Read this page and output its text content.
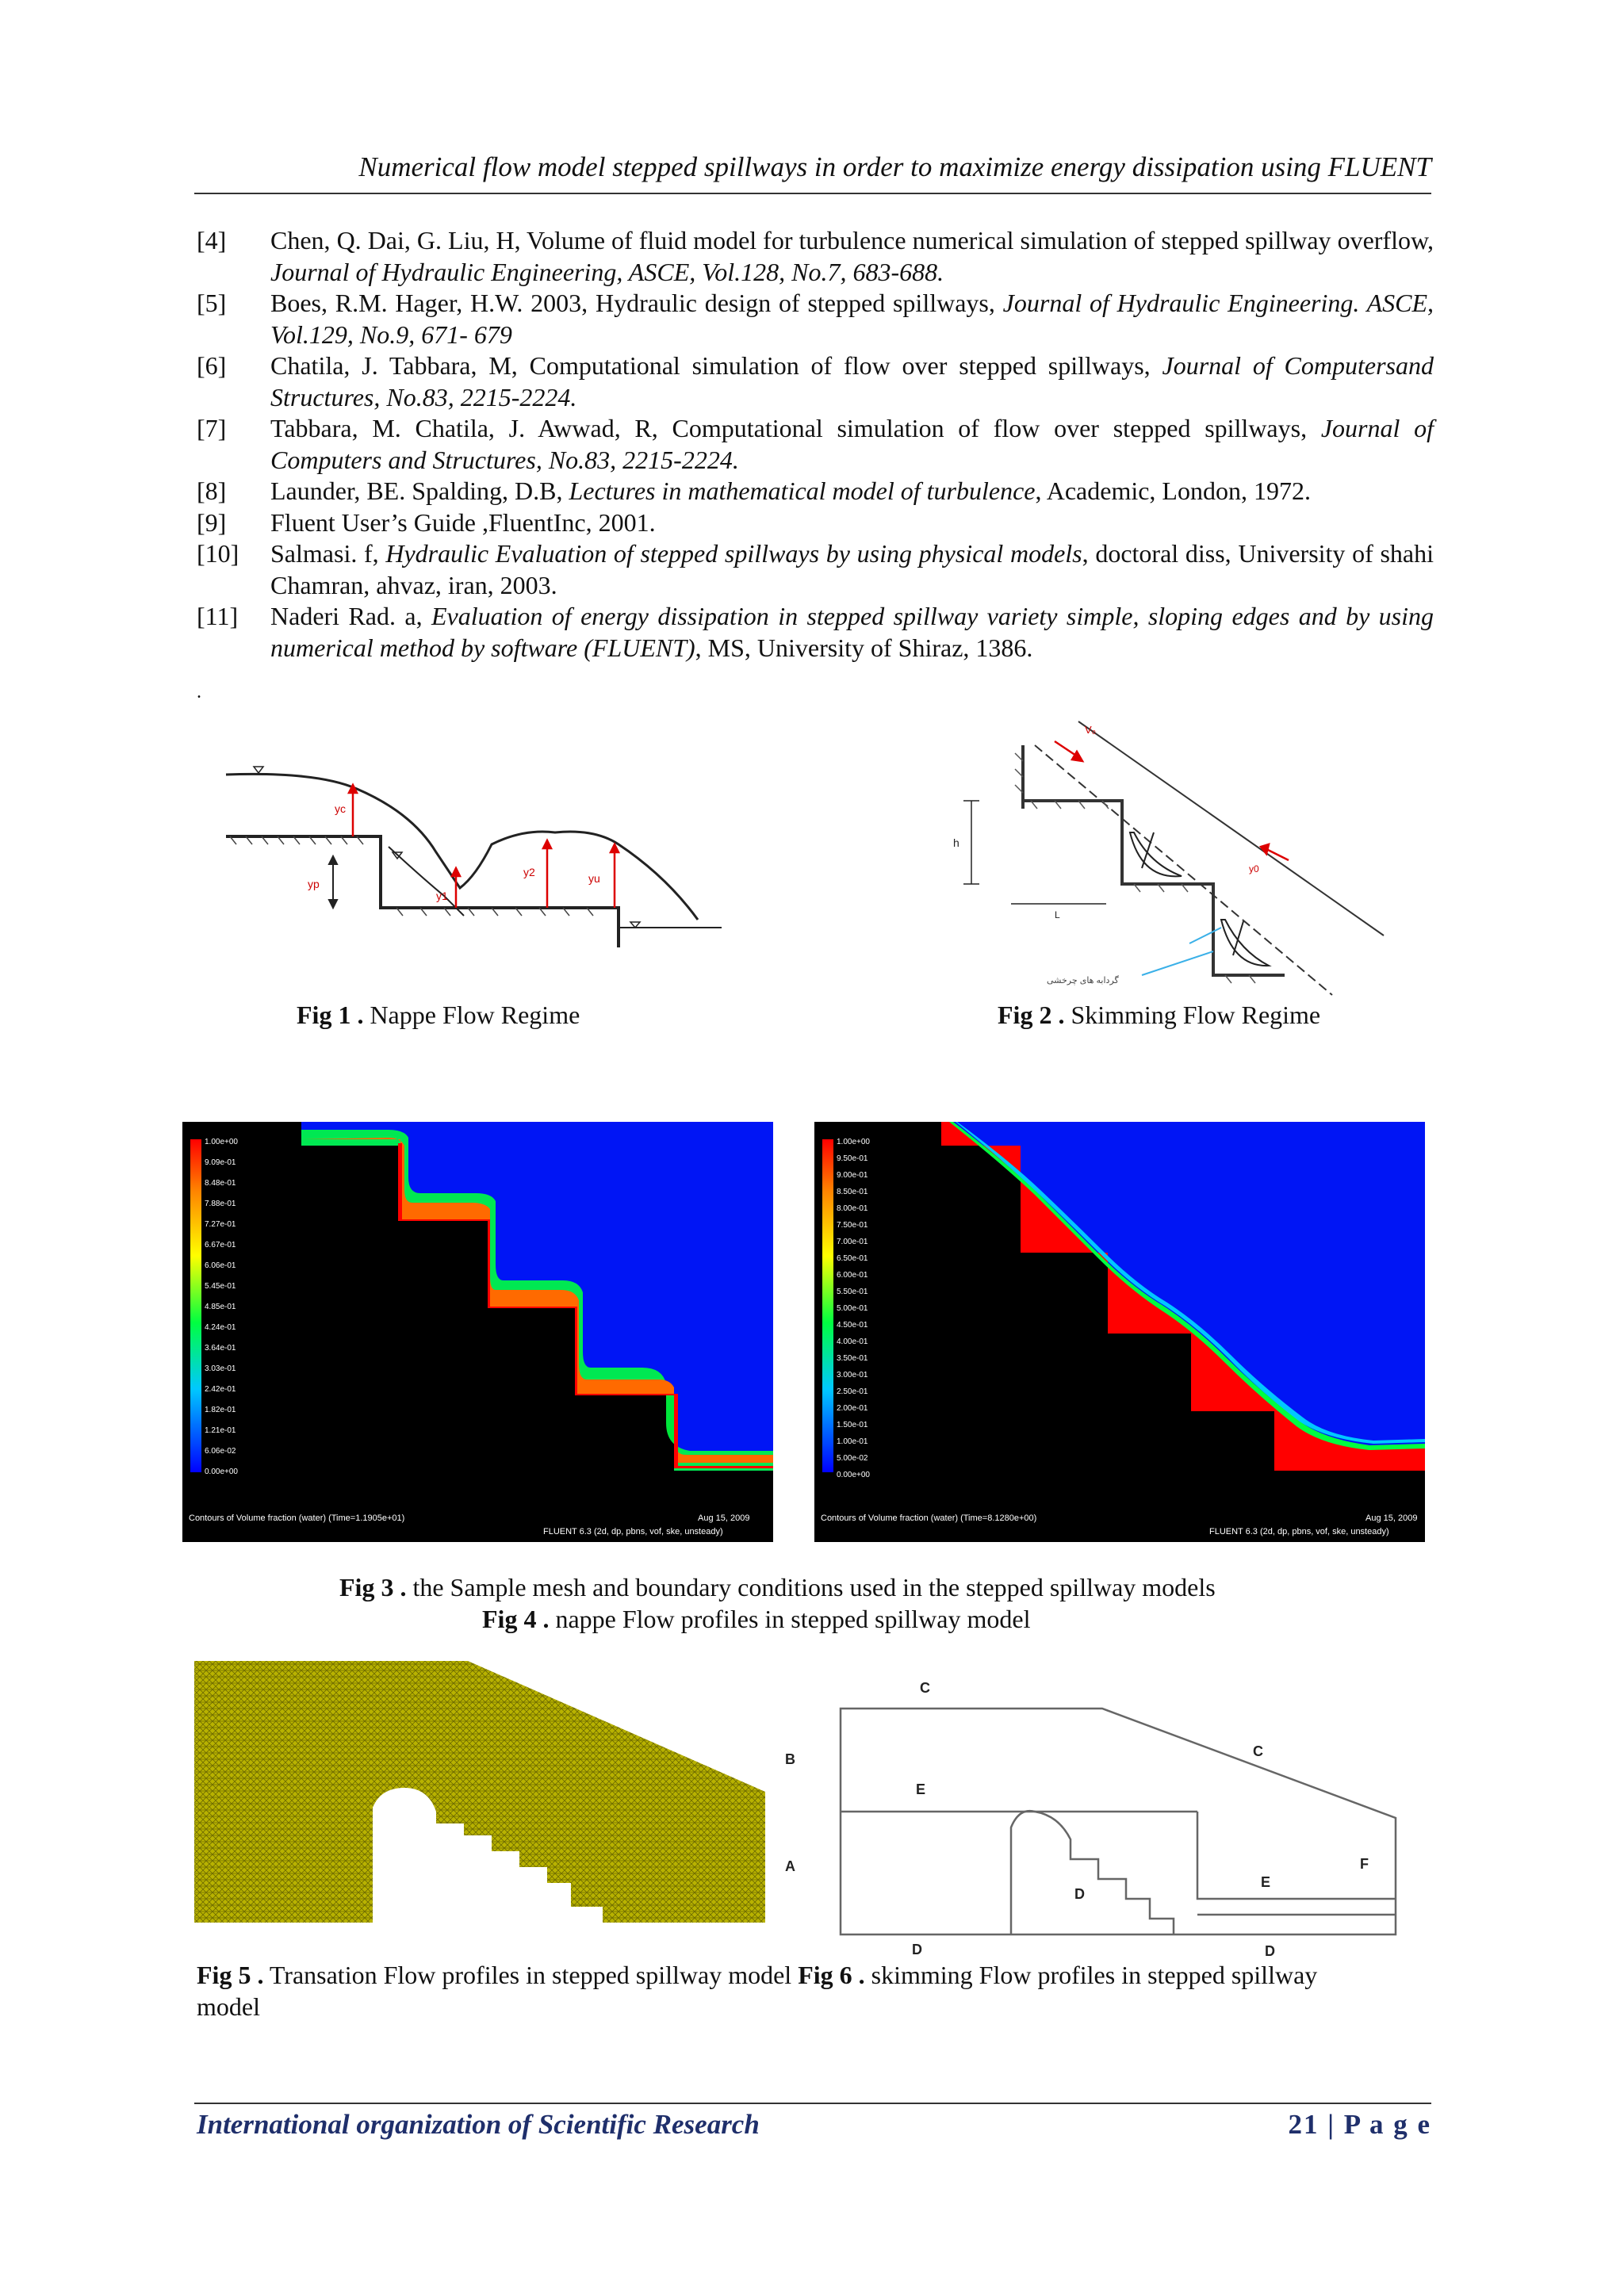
Numerical flow model stepped spillways in order to maximize energy dissipation using FLUENT
[4]	Chen, Q. Dai, G. Liu, H, Volume of fluid model for turbulence numerical simulation of stepped spillway overflow, Journal of Hydraulic Engineering, ASCE, Vol.128, No.7, 683-688.
[5]	Boes, R.M. Hager, H.W. 2003, Hydraulic design of stepped spillways, Journal of Hydraulic Engineering. ASCE, Vol.129, No.9, 671- 679
[6]	Chatila, J. Tabbara, M, Computational simulation of flow over stepped spillways, Journal of Computersand Structures, No.83, 2215-2224.
[7]	Tabbara, M. Chatila, J. Awwad, R, Computational simulation of flow over stepped spillways, Journal of Computers and Structures, No.83, 2215-2224.
[8]	Launder, BE. Spalding, D.B, Lectures in mathematical model of turbulence, Academic, London, 1972.
[9]	Fluent User’s Guide ,FluentInc, 2001.
[10]	Salmasi. f, Hydraulic Evaluation of stepped spillways by using physical models, doctoral diss, University of shahi Chamran, ahvaz, iran, 2003.
[11]	Naderi Rad. a, Evaluation of energy dissipation in stepped spillway variety simple, sloping edges and by using numerical method by software (FLUENT), MS, University of Shiraz, 1386.
.
yc
yp
y1
y2	yu
V₀
h
L
y0
گردابه های چرخشی
Fig 1 . Nappe Flow Regime	Fig 2 . Skimming Flow Regime
1.00e+00
9.09e-01
8.48e-01
7.88e-01
7.27e-01
6.67e-01
6.06e-01
5.45e-01
4.85e-01
4.24e-01
3.64e-01
3.03e-01
2.42e-01
1.82e-01
1.21e-01
6.06e-02
0.00e+00
Contours of Volume fraction (water) (Time=1.1905e+01)	Aug 15, 2009
FLUENT 6.3 (2d, dp, pbns, vof, ske, unsteady)
1.00e+00
9.50e-01
9.00e-01
8.50e-01
8.00e-01
7.50e-01
7.00e-01
6.50e-01
6.00e-01
5.50e-01
5.00e-01
4.50e-01
4.00e-01
3.50e-01
3.00e-01
2.50e-01
2.00e-01
1.50e-01
1.00e-01
5.00e-02
0.00e+00
Contours of Volume fraction (water) (Time=8.1280e+00)	Aug 15, 2009
FLUENT 6.3 (2d, dp, pbns, vof, ske, unsteady)
Fig 3 . the Sample mesh and boundary conditions used in the stepped spillway models
Fig 4 . nappe Flow profiles in stepped spillway model
B
A
C
C
E
E
D
D	D
F
Fig 5 . Transation Flow profiles in stepped spillway model Fig 6 . skimming Flow profiles in stepped spillway
model
International organization of Scientific Research	21 | P a g e
